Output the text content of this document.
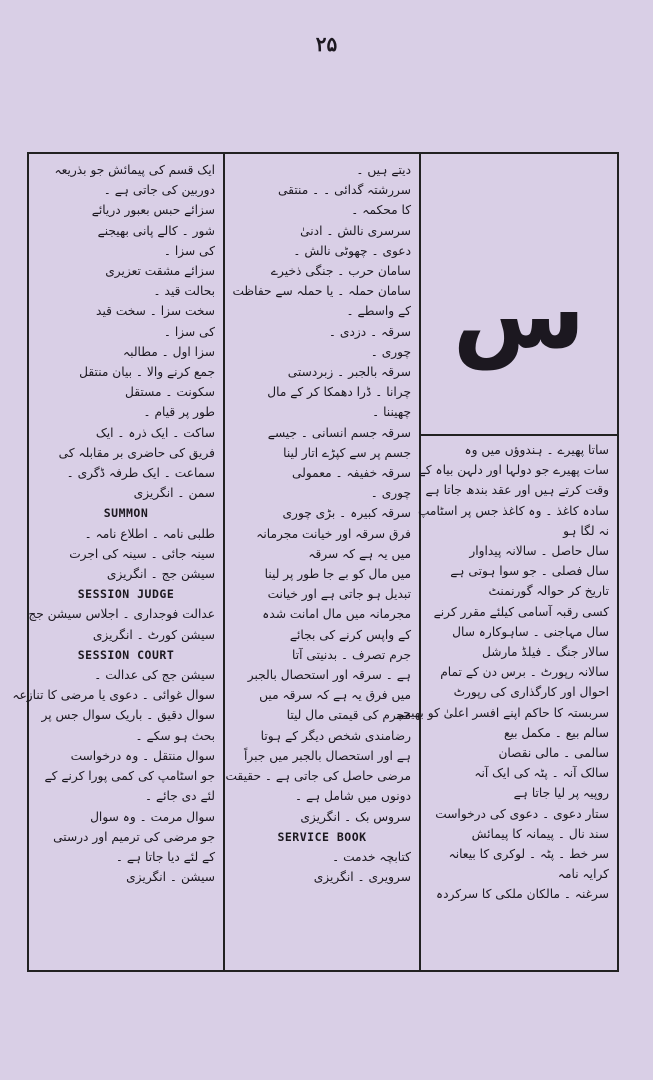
۲۵
ایک قسم کی پیمائش جو بذریعہ
دوربین کی جاتی ہے ۔
سزائے حبس بعبور دریائے
شور ۔ کالے پانی بھیجنے
کی سزا ۔
سزائے مشقت تعزیری
بحالت قید ۔
سخت سزا ۔ سخت قید
کی سزا ۔
سزا اول ۔ مطالبہ
جمع کرنے والا ۔ بیان منتقل
سکونت ۔ مستقل
طور پر قیام ۔
ساکت ۔ ایک ذرہ ۔ ایک
فریق کی حاضری بر مقابلہ کی
سماعت ۔ ایک طرفہ ڈگری ۔
سمن ۔ انگریزی
SUMMON
طلبی نامہ ۔ اطلاع نامہ ۔
سینہ جائی ۔ سینہ کی اجرت
سیشن جج ۔ انگریزی
SESSION JUDGE
عدالت فوجداری ۔ اجلاس سیشن جج
سیشن کورٹ ۔ انگریزی
SESSION COURT
سیشن جج کی عدالت ۔
سوال غوائی ۔ دعوی یا مرضی کا تنازعہ
سوال دقیق ۔ باریک سوال جس پر
بحث ہو سکے ۔
سوال منتقل ۔ وہ درخواست
جو اسٹامپ کی کمی پورا کرنے کے
لئے دی جائے ۔
سوال مرمت ۔ وہ سوال
جو مرضی کی ترمیم اور درستی
کے لئے دیا جاتا ہے ۔
سیشن ۔ انگریزی
دیتے ہیں ۔
سررشتہ گدائی ۔ ۔ منتقی
کا محکمہ ۔
سرسری نالش ۔ ادنیٰ
دعوی ۔ چھوٹی نالش ۔
سامان حرب ۔ جنگی ذخیرے
سامان حملہ ۔ یا حملہ سے حفاظت
کے واسطے ۔
سرقہ ۔ دزدی ۔
چوری ۔
سرقہ بالجبر ۔ زبردستی
چرانا ۔ ڈرا دھمکا کر کے مال
چھیننا ۔
سرقہ جسم انسانی ۔ جیسے
جسم پر سے کپڑے اتار لینا
سرقہ خفیفہ ۔ معمولی
چوری ۔
سرقہ کبیرہ ۔ بڑی چوری
فرق سرقہ اور خیانت مجرمانہ
میں یہ ہے کہ سرقہ
میں مال کو بے جا طور پر لینا
تبدیل ہو جاتی ہے اور خیانت
مجرمانہ میں مال امانت شدہ
کے واپس کرنے کی بجائے
جرم تصرف ۔ بدنیتی آتا
ہے ۔ سرقہ اور استحصال بالجبر
میں فرق یہ ہے کہ سرقہ میں
مجرم کی قیمتی مال لیتا
رضامندی شخص دیگر کے ہوتا
ہے اور استحصال بالجبر میں جبراً
مرضی حاصل کی جاتی ہے ۔ حقیقت
دونوں میں شامل ہے ۔
سروس بک ۔ انگریزی
SERVICE BOOK
کتابچہ خدمت ۔
سرویری ۔ انگریزی
س
ساتا پھیرے ۔ ہندوؤں میں وہ
سات پھیرے جو دولہا اور دلہن بیاہ کے
وقت کرتے ہیں اور عقد بندھ جاتا ہے
سادہ کاغذ ۔ وہ کاغذ جس پر اسٹامپ
نہ لگا ہو
سال حاصل ۔ سالانہ پیداوار
سال فصلی ۔ جو سوا ہوتی ہے
تاریخ کر حوالہ گورنمنٹ
کسی رقبہ آسامی کیلئے مقرر کرنے
سال مہاجنی ۔ ساہوکارہ سال
سالار جنگ ۔ فیلڈ مارشل
سالانہ رپورٹ ۔ برس دن کے تمام
احوال اور کارگذاری کی رپورٹ
سربستہ کا حاکم اپنے افسر اعلیٰ کو بھیجے
سالم بیع ۔ مکمل بیع
سالمی ۔ مالی نقصان
سالک آنہ ۔ پٹہ کی ایک آنہ
روپیہ پر لیا جاتا ہے
ستار دعوی ۔ دعوی کی درخواست
سند نال ۔ پیمانہ کا پیمائش
سر خط ۔ پٹہ ۔ لوکری کا بیعانہ
کرایہ نامہ
سرغنہ ۔ مالکان ملکی کا سرکردہ
